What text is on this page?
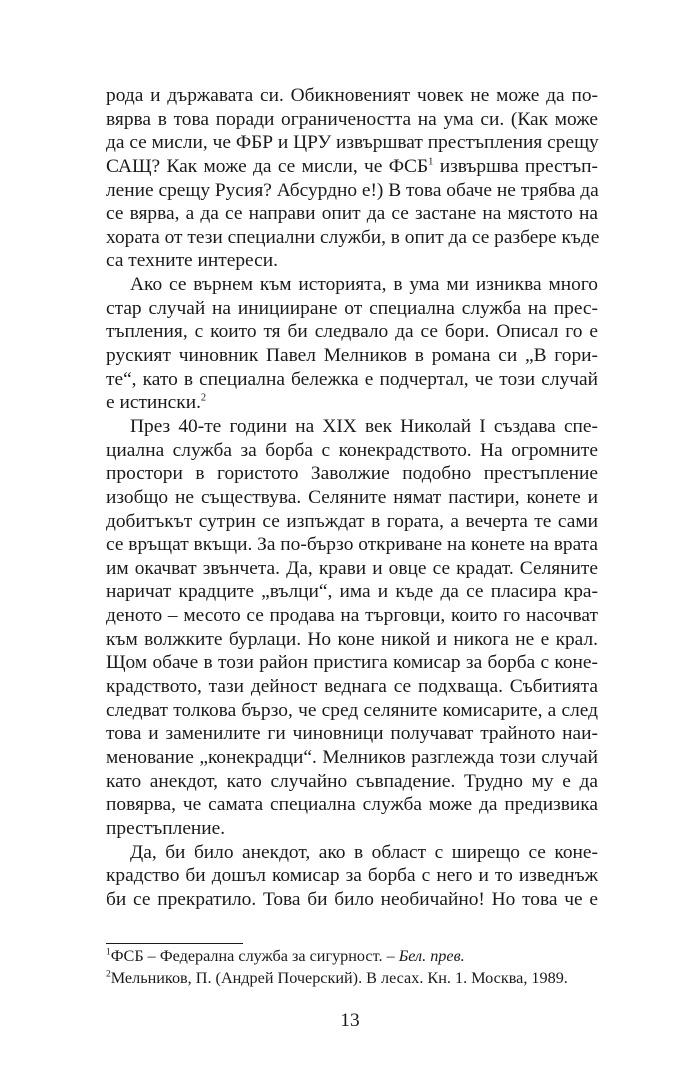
рода и държавата си. Обикновеният човек не може да по-
вярва в това поради ограничеността на ума си. (Как може
да се мисли, че ФБР и ЦРУ извършват престъпления срещу
САЩ? Как може да се мисли, че ФСБ$^1$ извършва престъп-
ление срещу Русия? Абсурдно е!) В това обаче не трябва да
се вярва, а да се направи опит да се застане на мястото на
хората от тези специални служби, в опит да се разбере къде
са техните интереси.
Ако се върнем към историята, в ума ми изниква много
стар случай на иницииране от специална служба на прес-
тъпления, с които тя би следвало да се бори. Описал го е
руският чиновник Павел Мелников в романа си „В гори-
те“, като в специална бележка е подчертал, че този случай
е истински.$^2$
През 40-те години на XIX век Николай I създава спе-
циална служба за борба с конекрадството. На огромните
простори в гористото Заволжие подобно престъпление
изобщо не съществува. Селяните нямат пастири, конете и
добитъкът сутрин се изпъждат в гората, а вечерта те сами
се връщат вкъщи. За по-бързо откриване на конете на врата
им окачват звънчета. Да, крави и овце се крадат. Селяните
наричат крадците „вълци“, има и къде да се пласира кра-
деното – месото се продава на търговци, които го насочват
към волжките бурлаци. Но коне никой и никога не е крал.
Щом обаче в този район пристига комисар за борба с коне-
крадството, тази дейност веднага се подхваща. Събитията
следват толкова бързо, че сред селяните комисарите, а след
това и заменилите ги чиновници получават трайното наи-
менование „конекрадци“. Мелников разглежда този случай
като анекдот, като случайно съвпадение. Трудно му е да
повярва, че самата специална служба може да предизвика
престъпление.
Да, би било анекдот, ако в област с ширещо се коне-
крадство би дошъл комисар за борба с него и то изведнъж
би се прекратило. Това би било необичайно! Но това че е
$^1$ФСБ – Федерална служба за сигурност. – Бел. прев.
$^2$Мельников, П. (Андрей Почерский). В лесах. Кн. 1. Москва, 1989.
13
